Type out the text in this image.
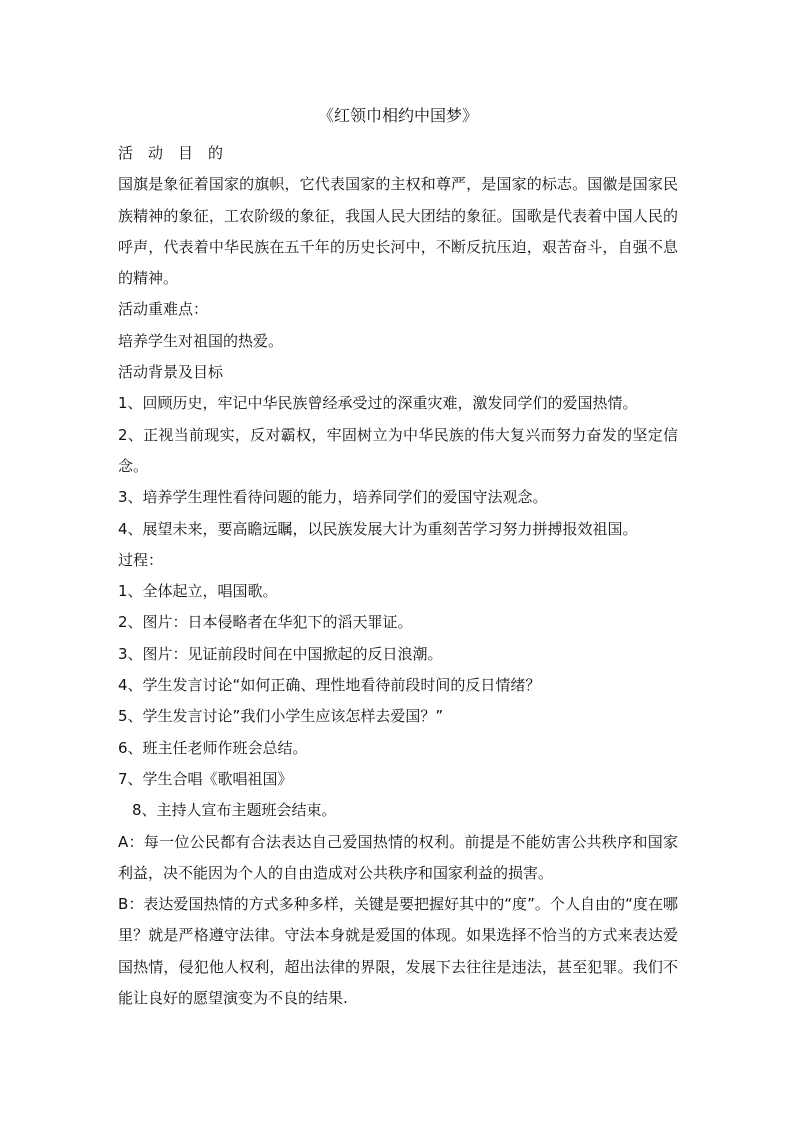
《红领巾相约中国梦》

活　动　目　的

国旗是象征着国家的旗帜，它代表国家的主权和尊严，是国家的标志。国徽是国家民族精神的象征，工农阶级的象征，我国人民大团结的象征。国歌是代表着中国人民的呼声，代表着中华民族在五千年的历史长河中，不断反抗压迫，艰苦奋斗，自强不息的精神。

活动重难点：

培养学生对祖国的热爱。

活动背景及目标

1、回顾历史，牢记中华民族曾经承受过的深重灾难，激发同学们的爱国热情。

2、正视当前现实，反对霸权，牢固树立为中华民族的伟大复兴而努力奋发的坚定信念。

3、培养学生理性看待问题的能力，培养同学们的爱国守法观念。

4、展望未来，要高瞻远瞩，以民族发展大计为重刻苦学习努力拼搏报效祖国。

过程：

1、全体起立，唱国歌。

2、图片：日本侵略者在华犯下的滔天罪证。

3、图片：见证前段时间在中国掀起的反日浪潮。

4、学生发言讨论“如何正确、理性地看待前段时间的反日情绪？

5、学生发言讨论”我们小学生应该怎样去爱国？”

6、班主任老师作班会总结。

7、学生合唱《歌唱祖国》

8、主持人宣布主题班会结束。

A：每一位公民都有合法表达自己爱国热情的权利。前提是不能妨害公共秩序和国家利益，决不能因为个人的自由造成对公共秩序和国家利益的损害。

B：表达爱国热情的方式多种多样，关键是要把握好其中的“度”。个人自由的“度在哪里？就是严格遵守法律。守法本身就是爱国的体现。如果选择不恰当的方式来表达爱国热情，侵犯他人权利，超出法律的界限，发展下去往往是违法，甚至犯罪。我们不能让良好的愿望演变为不良的结果.
